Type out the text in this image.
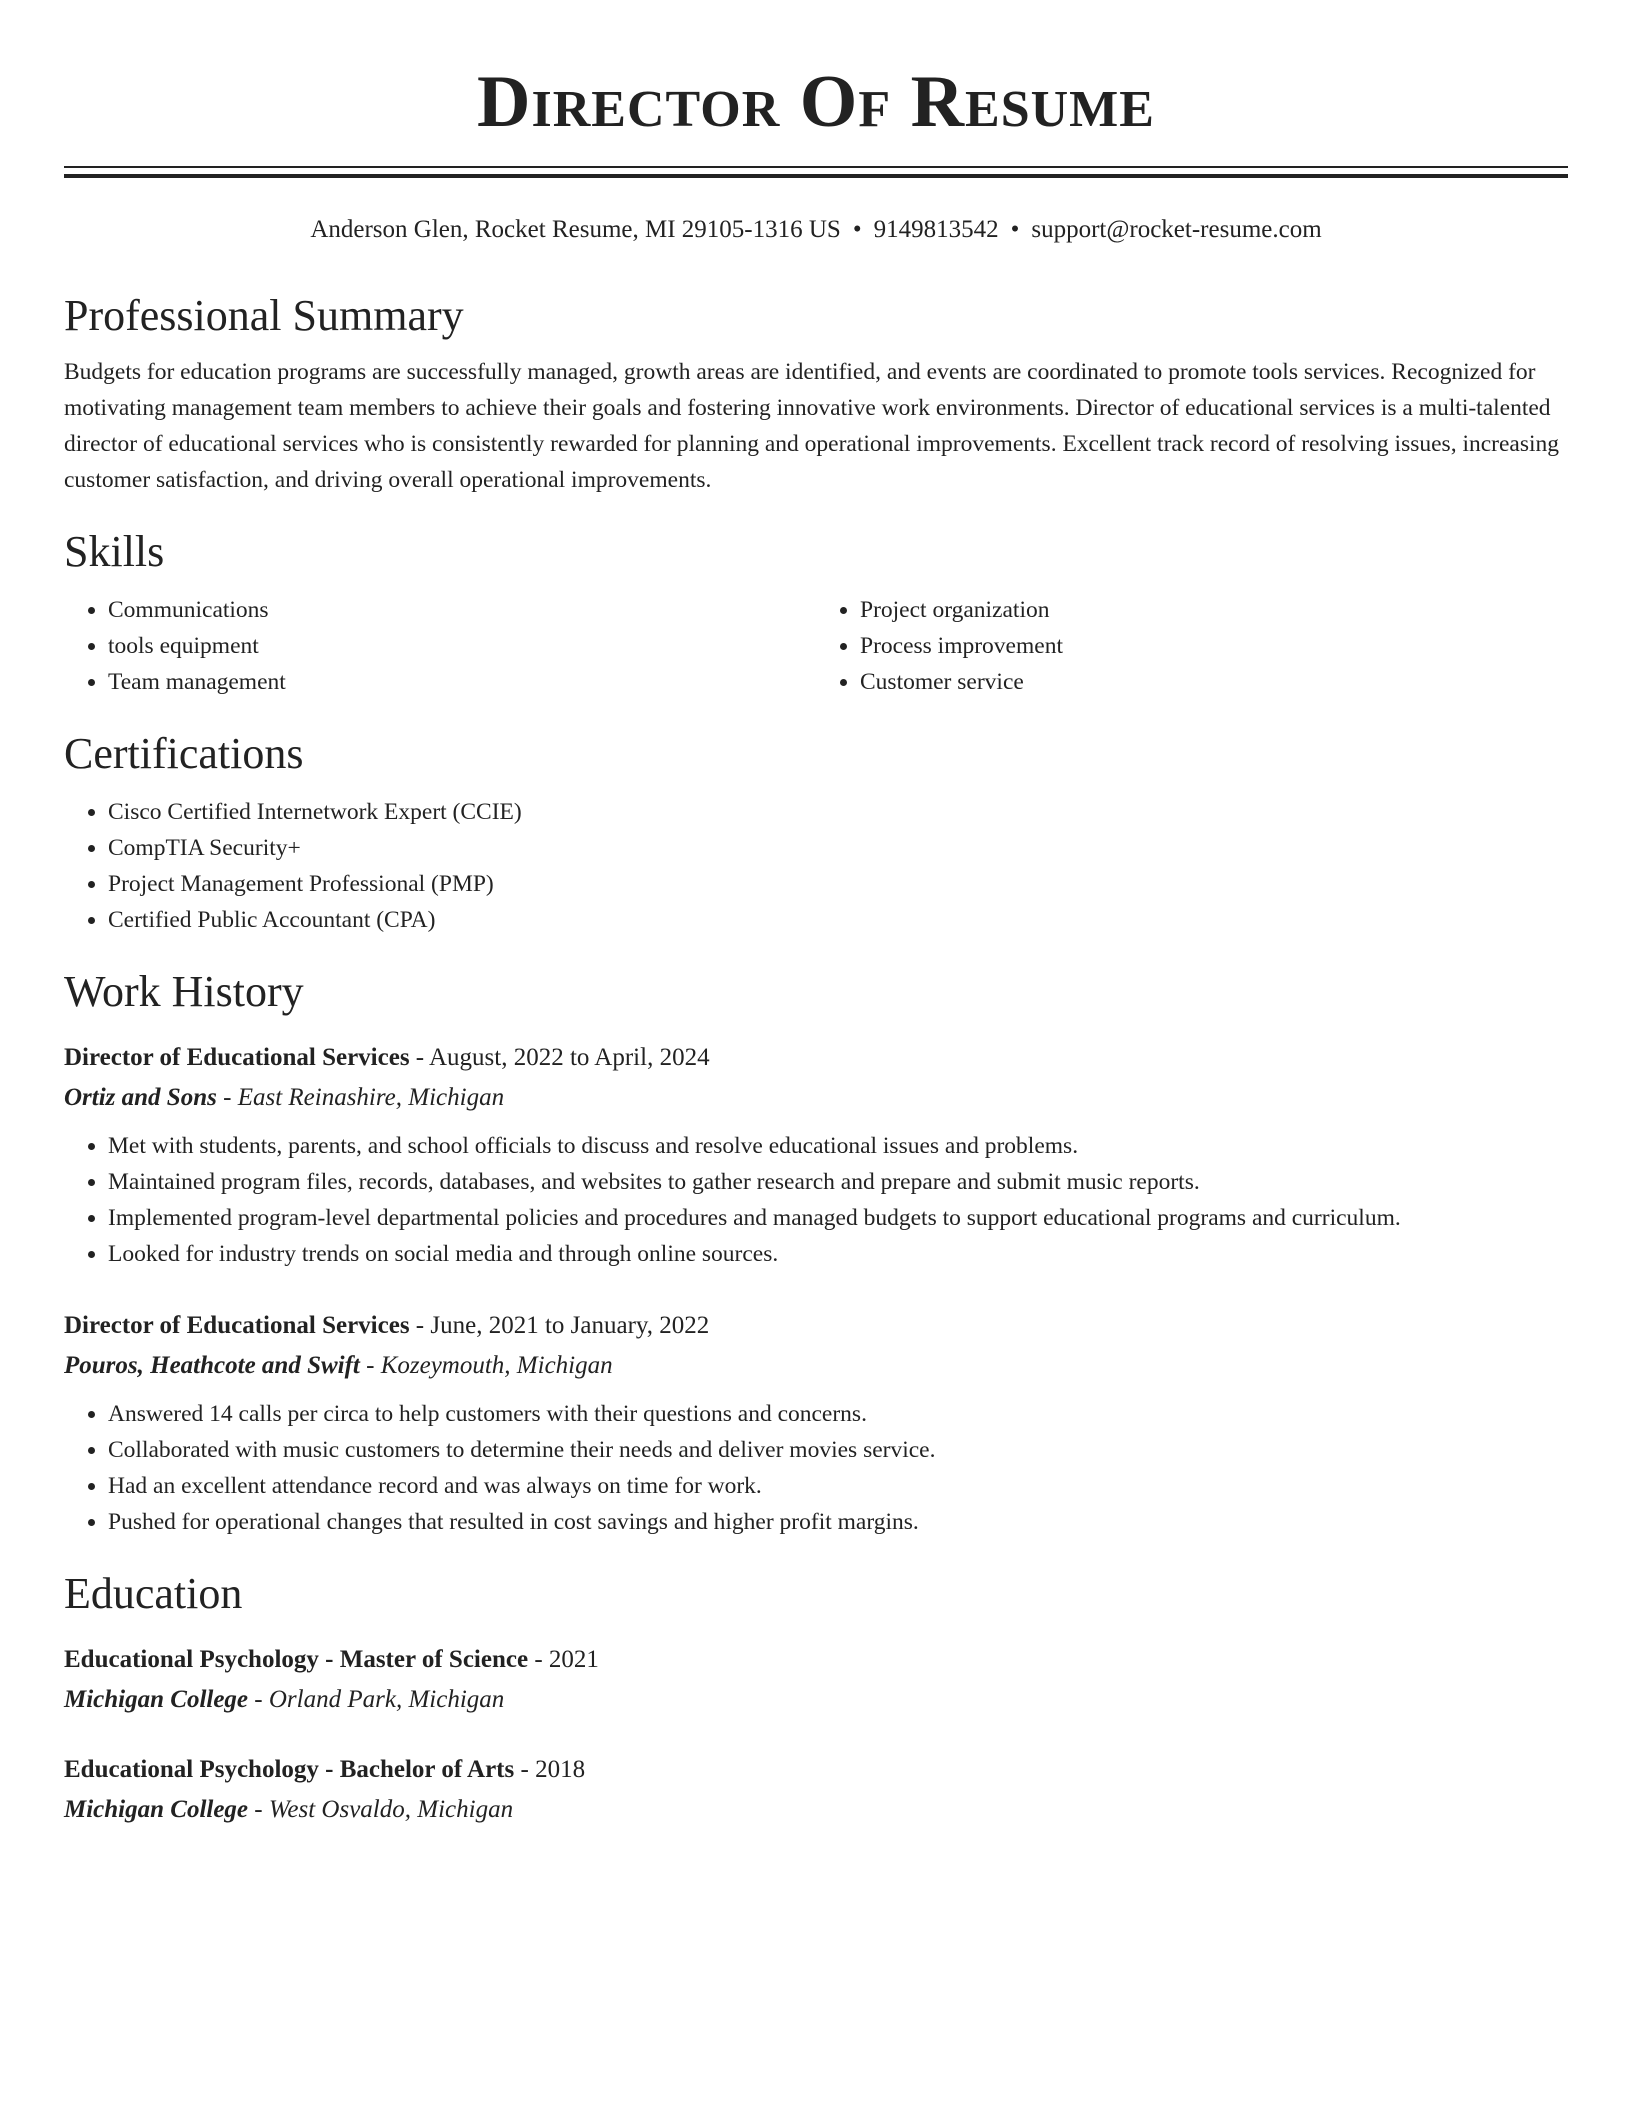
Director Of Resume
Anderson Glen, Rocket Resume, MI 29105-1316 US • 9149813542 • support@rocket-resume.com
Professional Summary

Budgets for education programs are successfully managed, growth areas are identified, and events are coordinated to promote tools services. Recognized for motivating management team members to achieve their goals and fostering innovative work environments. Director of educational services is a multi-talented director of educational services who is consistently rewarded for planning and operational improvements. Excellent track record of resolving issues, increasing customer satisfaction, and driving overall operational improvements.

Skills
• Communications
• tools equipment
• Team management
• Project organization
• Process improvement
• Customer service
Certifications
• Cisco Certified Internetwork Expert (CCIE)
• CompTIA Security+
• Project Management Professional (PMP)
• Certified Public Accountant (CPA)
Work History
Director of Educational Services - August, 2022 to April, 2024
Ortiz and Sons - East Reinashire, Michigan
• Met with students, parents, and school officials to discuss and resolve educational issues and problems.
• Maintained program files, records, databases, and websites to gather research and prepare and submit music reports.
• Implemented program-level departmental policies and procedures and managed budgets to support educational programs and curriculum.
• Looked for industry trends on social media and through online sources.
Director of Educational Services - June, 2021 to January, 2022
Pouros, Heathcote and Swift - Kozeymouth, Michigan
• Answered 14 calls per circa to help customers with their questions and concerns.
• Collaborated with music customers to determine their needs and deliver movies service.
• Had an excellent attendance record and was always on time for work.
• Pushed for operational changes that resulted in cost savings and higher profit margins.
Education
Educational Psychology - Master of Science - 2021
Michigan College - Orland Park, Michigan
Educational Psychology - Bachelor of Arts - 2018
Michigan College - West Osvaldo, Michigan
